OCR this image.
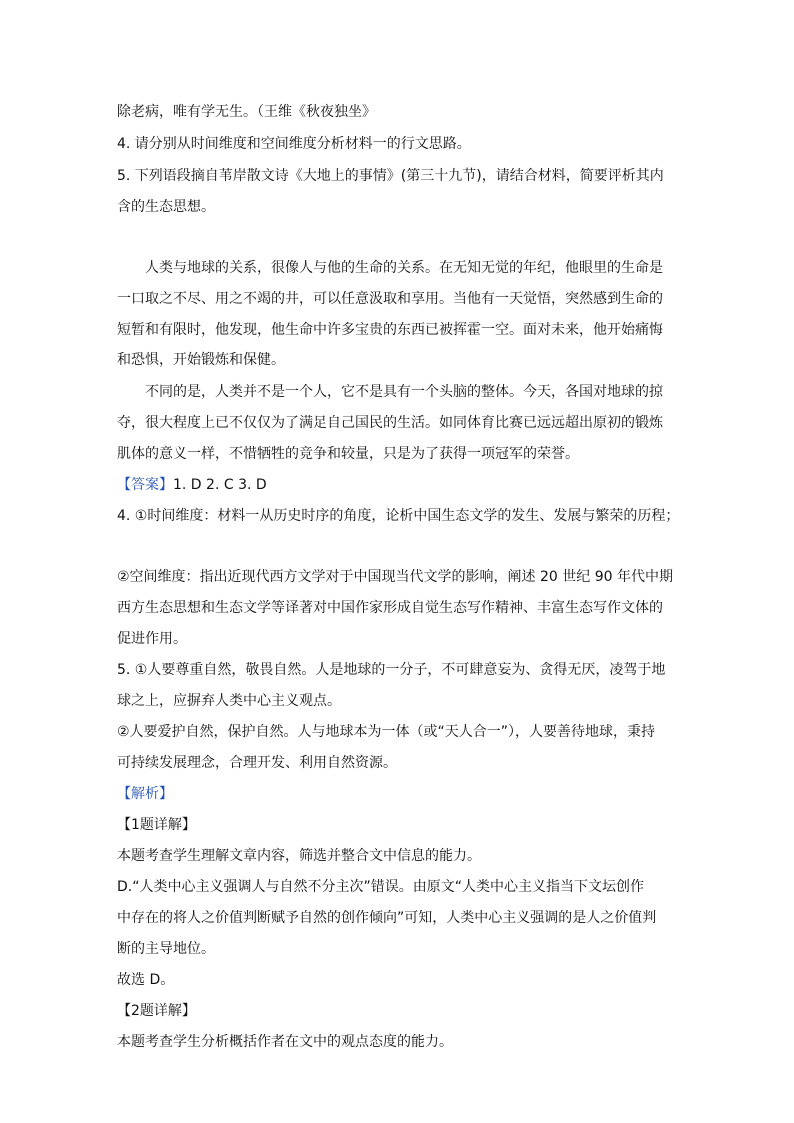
除老病，唯有学无生。（王维《秋夜独坐》
4. 请分别从时间维度和空间维度分析材料一的行文思路。
5. 下列语段摘自苇岸散文诗《大地上的事情》(第三十九节)，请结合材料，简要评析其内
含的生态思想。
人类与地球的关系，很像人与他的生命的关系。在无知无觉的年纪，他眼里的生命是
一口取之不尽、用之不竭的井，可以任意汲取和享用。当他有一天觉悟，突然感到生命的
短暂和有限时，他发现，他生命中许多宝贵的东西已被挥霍一空。面对未来，他开始痛悔
和恐惧，开始锻炼和保健。
不同的是，人类并不是一个人，它不是具有一个头脑的整体。今天，各国对地球的掠
夺，很大程度上已不仅仅为了满足自己国民的生活。如同体育比赛已远远超出原初的锻炼
肌体的意义一样，不惜牺牲的竞争和较量，只是为了获得一项冠军的荣誉。
【答案】1. D 2. C 3. D
4. ①时间维度：材料一从历史时序的角度，论析中国生态文学的发生、发展与繁荣的历程；
②空间维度：指出近现代西方文学对于中国现当代文学的影响，阐述 20 世纪 90 年代中期
西方生态思想和生态文学等译著对中国作家形成自觉生态写作精神、丰富生态写作文体的
促进作用。
5. ①人要尊重自然，敬畏自然。人是地球的一分子，不可肆意妄为、贪得无厌，凌驾于地
球之上，应摒弃人类中心主义观点。
②人要爱护自然，保护自然。人与地球本为一体（或“天人合一”），人要善待地球，秉持
可持续发展理念，合理开发、利用自然资源。
【解析】
【1题详解】
本题考查学生理解文章内容，筛选并整合文中信息的能力。
D.“人类中心主义强调人与自然不分主次”错误。由原文“人类中心主义指当下文坛创作
中存在的将人之价值判断赋予自然的创作倾向”可知，人类中心主义强调的是人之价值判
断的主导地位。
故选 D。
【2题详解】
本题考查学生分析概括作者在文中的观点态度的能力。
